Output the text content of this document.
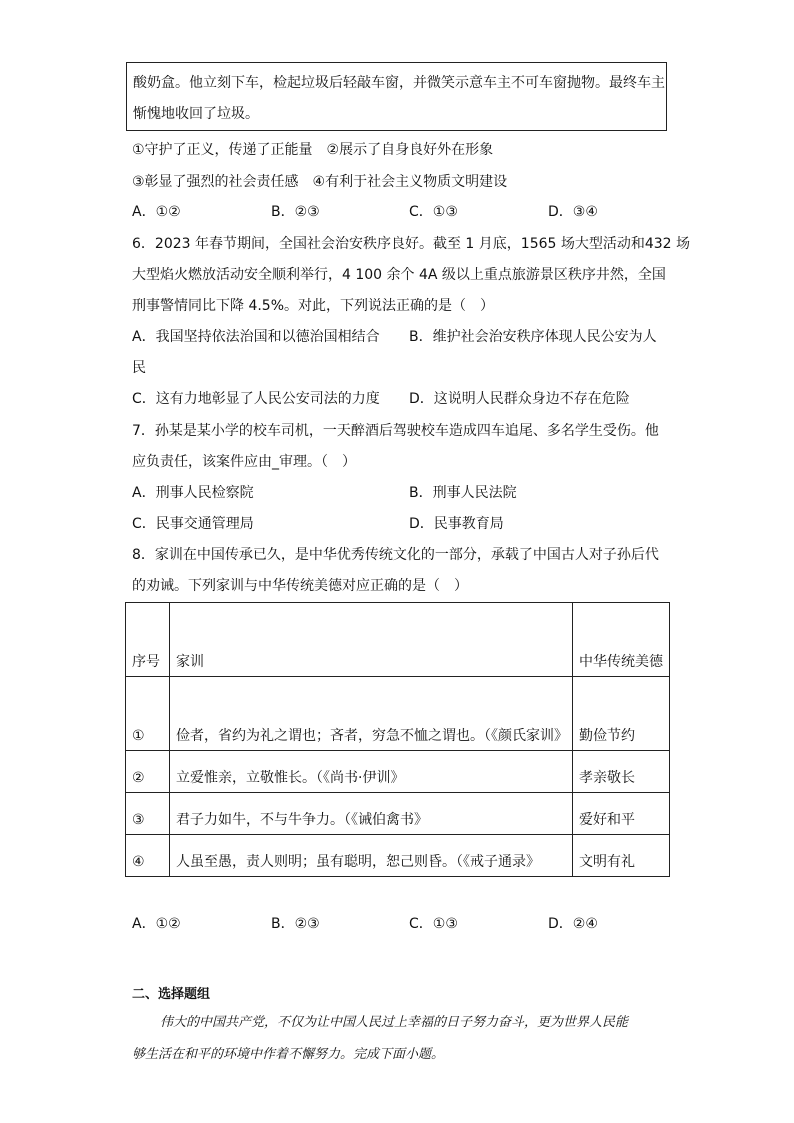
酸奶盒。他立刻下车，检起垃圾后轻敲车窗，并微笑示意车主不可车窗抛物。最终车主
惭愧地收回了垃圾。
①守护了正义，传递了正能量　②展示了自身良好外在形象
③彰显了强烈的社会责任感　④有利于社会主义物质文明建设
A．①②	B．②③	C．①③	D．③④
6．2023 年春节期间，全国社会治安秩序良好。截至 1 月底，1565 场大型活动和432 场
大型焰火燃放活动安全顺利举行，4 100 余个 4A 级以上重点旅游景区秩序井然，全国
刑事警情同比下降 4.5%。对此，下列说法正确的是（　）
A．我国坚持依法治国和以德治国相结合 B．维护社会治安秩序体现人民公安为人
民
C．这有力地彰显了人民公安司法的力度 D．这说明人民群众身边不存在危险
7．孙某是某小学的校车司机，一天醉酒后驾驶校车造成四车追尾、多名学生受伤。他
应负责任，该案件应由_审理。（　）
A．刑事人民检察院	B．刑事人民法院
C．民事交通管理局	D．民事教育局
8．家训在中国传承已久，是中华优秀传统文化的一部分，承载了中国古人对子孙后代
的劝诫。下列家训与中华传统美德对应正确的是（　）
序号	家训	中华传统美德
①	俭者，省约为礼之谓也；吝者，穷急不恤之谓也。（《颜氏家训》	勤俭节约
②	立爱惟亲，立敬惟长。（《尚书·伊训》	孝亲敬长
③	君子力如牛，不与牛争力。（《诫伯禽书》	爱好和平
④	人虽至愚，责人则明；虽有聪明，恕己则昏。（《戒子通录》	文明有礼
A．①②	B．②③	C．①③	D．②④
二、选择题组
伟大的中国共产党，不仅为让中国人民过上幸福的日子努力奋斗，更为世界人民能
够生活在和平的环境中作着不懈努力。完成下面小题。
